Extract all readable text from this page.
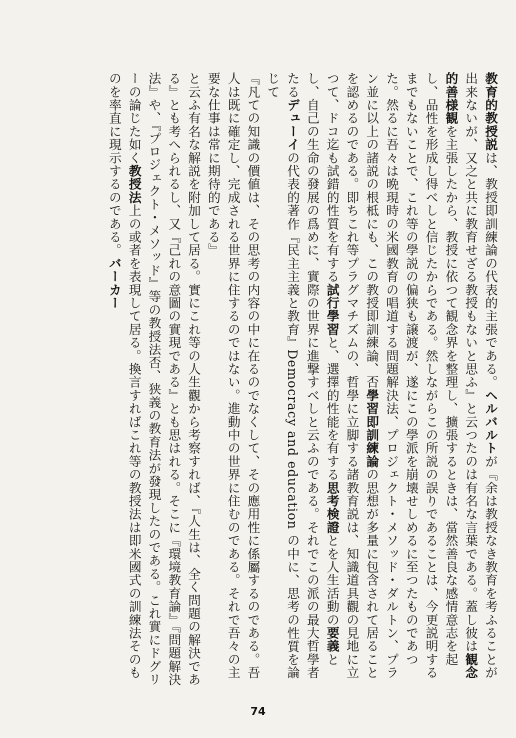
教育的教授説は、教授即訓練論の代表的主張である。ヘルバルトが『余は教授なき教育を考ふることが出来ないが、又之と共に教育せざる教授もないと思ふ』と云つたのは有名な言葉である。蓋し彼は観念的善様観を主張したから、教授に依つて観念界を整理し、擴張するときは、當然善良な感情意志を起し、品性を形成し得べしと信じたからである。然しながらこの所説の誤りであることは、今更説明するまでもないことで、これ等の學説の偏狭も譲渡が、遂にこの學派を崩壊せしめるに至つたものであつた。然るに吾々は晩現時の米國教育の唱道する問題解決法、プロジェクト・メソッド・ダルトン、プラン並に以上の諸説の根柢にも、この教授即訓練論、否學習即訓練論の思想が多量に包含されて居ることを認めるのである。即ちこれ等プラグマチズムの、哲學に立脚する諸教育説は、知識道具觀の見地に立つて、ドコ迄も試錯的性質を有する試行學習と、選擇的性能を有する思考検證とを人生活動の要義とし、自己の生命の發展の爲めに、實際の世界に進撃すべしと云ふのである。それでこの派の最大哲學者たるデューイの代表的著作『民主主義と教育』Democracy and education の中に、思考の性質を論じて

『凡ての知識の價値は、その思考の内容の中に在るのでなくして、その應用性に係屬するのである。吾人は既に確定し、完成される世界に住するのではない。進動中の世界に住むのである。それで吾々の主要な仕事は常に期待的である』

と云ふ有名な解説を附加して居る。實にこれ等の人生觀から考察すれば、『人生は、全く問題の解決である』とも考へられるし、又『己れの意圖の實現である』とも思はれる。そこに『環境教育論』『問題解決法』や、『プロジェクト・メソッド』等の教授法否、狭義の教育法が發現したのである。これ實にドグリーの論じた如く教授法上の或者を表現して居る。換言すればこれ等の教授法は即米國式の訓練法そのものを率直に現示するのである。バーカー

74
